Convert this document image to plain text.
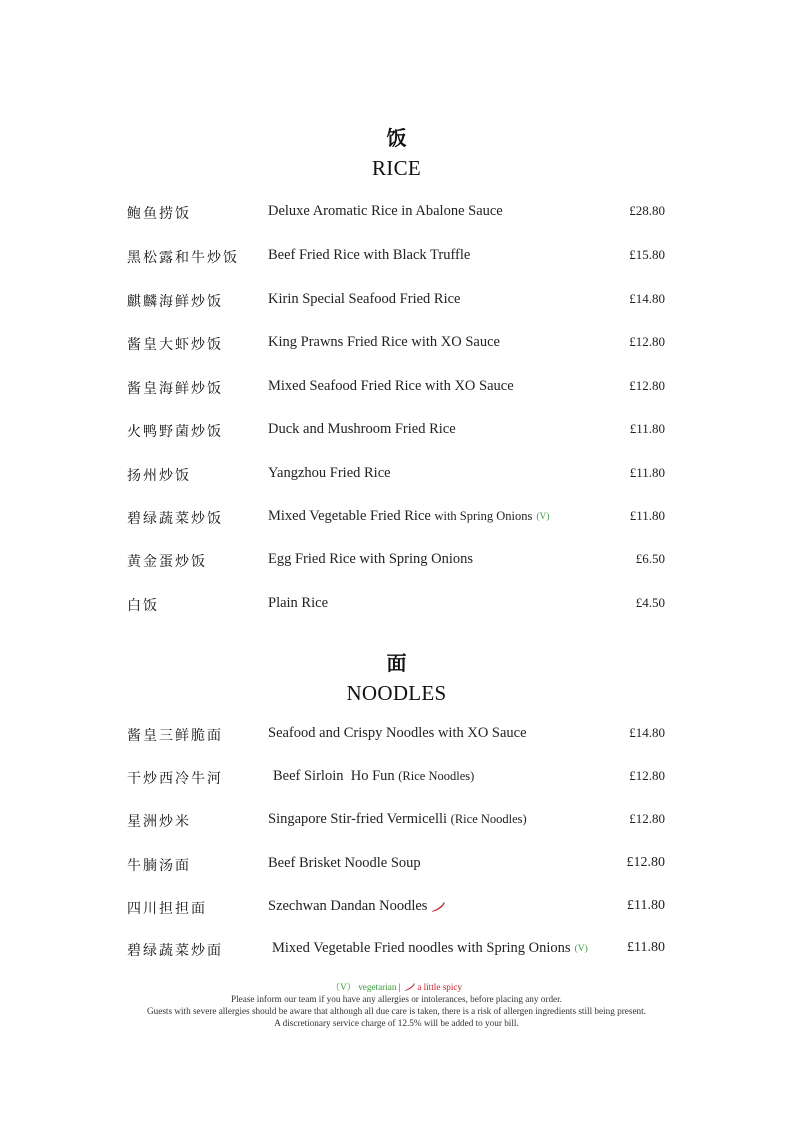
饭
RICE
鲍鱼捞饭	Deluxe Aromatic Rice in Abalone Sauce	£28.80
黑松露和牛炒饭 Beef Fried Rice with Black Truffle	£15.80
麒麟海鲜炒饭	Kirin Special Seafood Fried Rice	£14.80
酱皇大虾炒饭	King Prawns Fried Rice with XO Sauce	£12.80
酱皇海鲜炒饭	Mixed Seafood Fried Rice with XO Sauce	£12.80
火鸭野菌炒饭	Duck and Mushroom Fried Rice	£11.80
扬州炒饭	Yangzhou Fried Rice	£11.80
碧绿蔬菜炒饭	Mixed Vegetable Fried Rice with Spring Onions (V)	£11.80
黄金蛋炒饭	Egg Fried Rice with Spring Onions	£6.50
白饭	Plain Rice	£4.50
面
NOODLES
酱皇三鲜脆面	Seafood and Crispy Noodles with XO Sauce	£14.80
干炒西冷牛河	Beef Sirloin  Ho Fun (Rice Noodles)	£12.80
星洲炒米	Singapore Stir-fried Vermicelli (Rice Noodles)	£12.80
牛腩汤面	Beef Brisket Noodle Soup	£12.80
四川担担面	Szechwan Dandan Noodles	£11.80
碧绿蔬菜炒面	Mixed Vegetable Fried noodles with Spring Onions (V)	£11.80
（V） vegetarian | a little spicy
Please inform our team if you have any allergies or intolerances, before placing any order.
Guests with severe allergies should be aware that although all due care is taken, there is a risk of allergen ingredients still being present.
A discretionary service charge of 12.5% will be added to your bill.
